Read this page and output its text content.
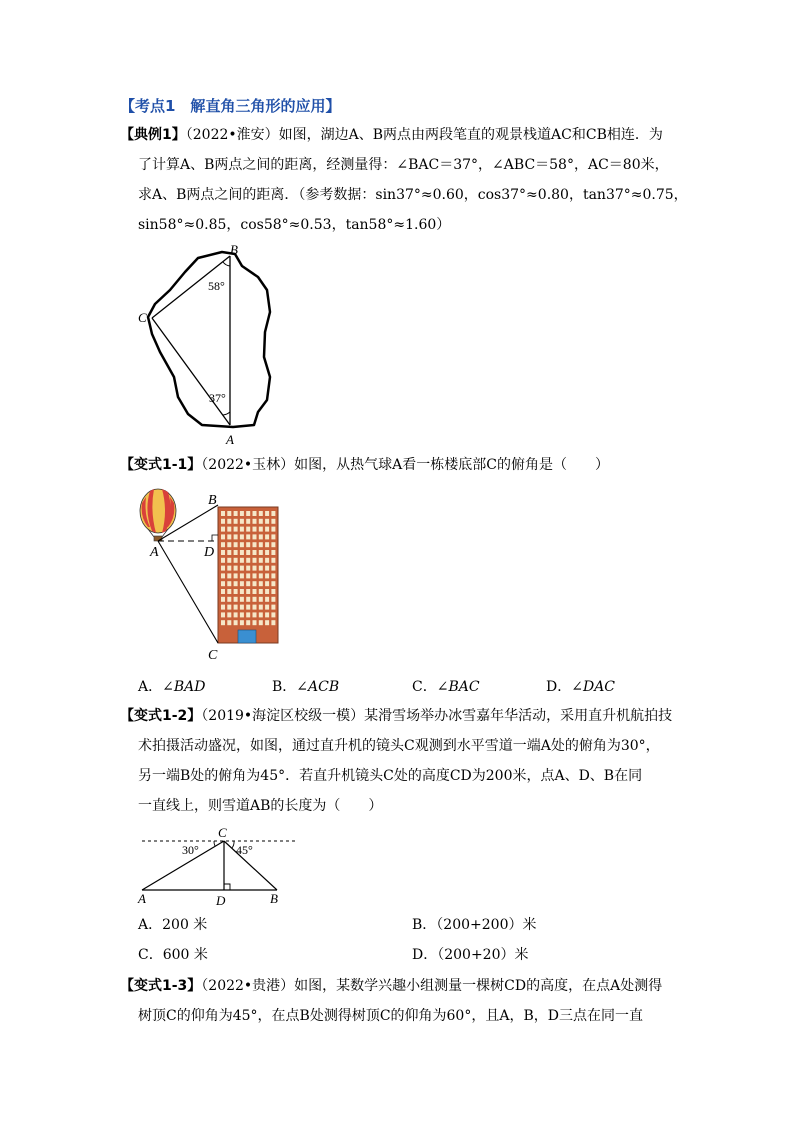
【考点1　解直角三角形的应用】
【典例1】（2022•淮安）如图，湖边A、B两点由两段笔直的观景栈道AC和CB相连．为
了计算A、B两点之间的距离，经测量得：∠BAC＝37°，∠ABC＝58°，AC＝80米，
求A、B两点之间的距离．（参考数据：sin37°≈0.60，cos37°≈0.80，tan37°≈0.75，
sin58°≈0.85，cos58°≈0.53，tan58°≈1.60）
B
A
C
58°
37°
【变式1-1】（2022•玉林）如图，从热气球A看一栋楼底部C的俯角是（　　）
B
A	D
C
A．∠BAD	B．∠ACB	C．∠BAC	D．∠DAC
【变式1-2】（2019•海淀区校级一模）某滑雪场举办冰雪嘉年华活动，采用直升机航拍技
术拍摄活动盛况，如图，通过直升机的镜头C观测到水平雪道一端A处的俯角为30°，
另一端B处的俯角为45°．若直升机镜头C处的高度CD为200米，点A、D、B在同
一直线上，则雪道AB的长度为（　　）
C
A	D	B
30°	45°
A．200 米	B．（200+200）米
C．600 米	D．（200+20）米
【变式1-3】（2022•贵港）如图，某数学兴趣小组测量一棵树CD的高度，在点A处测得
树顶C的仰角为45°，在点B处测得树顶C的仰角为60°，且A，B，D三点在同一直
